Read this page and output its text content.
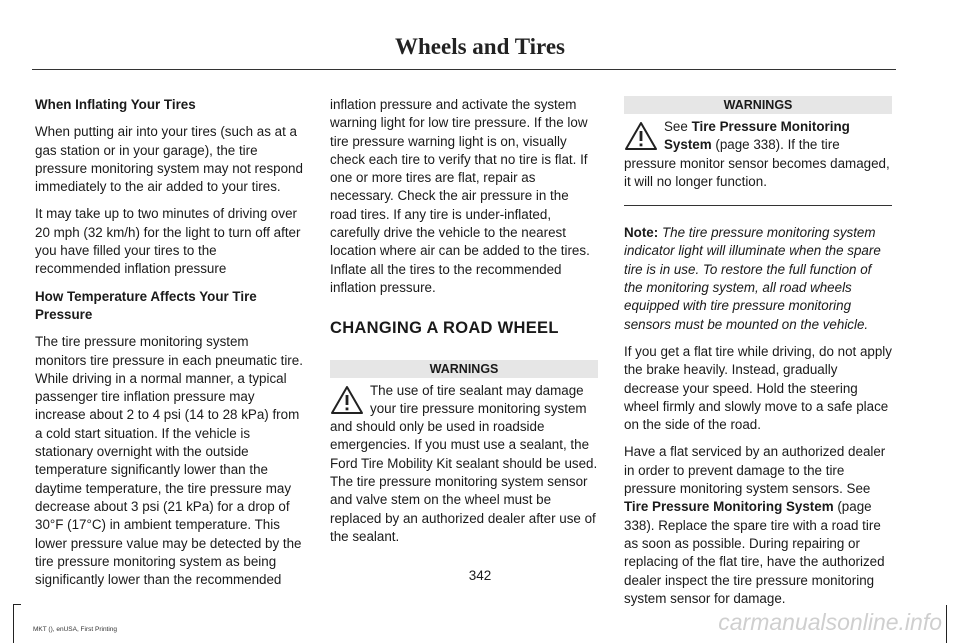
Wheels and Tires

When Inflating Your Tires

When putting air into your tires (such as at a gas station or in your garage), the tire pressure monitoring system may not respond immediately to the air added to your tires.

It may take up to two minutes of driving over 20 mph (32 km/h) for the light to turn off after you have filled your tires to the recommended inflation pressure

How Temperature Affects Your Tire Pressure

The tire pressure monitoring system monitors tire pressure in each pneumatic tire. While driving in a normal manner, a typical passenger tire inflation pressure may increase about 2 to 4 psi (14 to 28 kPa) from a cold start situation. If the vehicle is stationary overnight with the outside temperature significantly lower than the daytime temperature, the tire pressure may decrease about 3 psi (21 kPa) for a drop of 30°F (17°C) in ambient temperature. This lower pressure value may be detected by the tire pressure monitoring system as being significantly lower than the recommended

inflation pressure and activate the system warning light for low tire pressure. If the low tire pressure warning light is on, visually check each tire to verify that no tire is flat. If one or more tires are flat, repair as necessary. Check the air pressure in the road tires. If any tire is under-inflated, carefully drive the vehicle to the nearest location where air can be added to the tires. Inflate all the tires to the recommended inflation pressure.

CHANGING A ROAD WHEEL
WARNINGS
The use of tire sealant may damage your tire pressure monitoring system and should only be used in roadside emergencies. If you must use a sealant, the Ford Tire Mobility Kit sealant should be used. The tire pressure monitoring system sensor and valve stem on the wheel must be replaced by an authorized dealer after use of the sealant.
WARNINGS
See Tire Pressure Monitoring System (page 338). If the tire pressure monitor sensor becomes damaged, it will no longer function.

Note: The tire pressure monitoring system indicator light will illuminate when the spare tire is in use. To restore the full function of the monitoring system, all road wheels equipped with tire pressure monitoring sensors must be mounted on the vehicle.

If you get a flat tire while driving, do not apply the brake heavily. Instead, gradually decrease your speed. Hold the steering wheel firmly and slowly move to a safe place on the side of the road.

Have a flat serviced by an authorized dealer in order to prevent damage to the tire pressure monitoring system sensors. See Tire Pressure Monitoring System (page 338). Replace the spare tire with a road tire as soon as possible. During repairing or replacing of the flat tire, have the authorized dealer inspect the tire pressure monitoring system sensor for damage.

342
MKT (), enUSA, First Printing	carmanualsonline.info
